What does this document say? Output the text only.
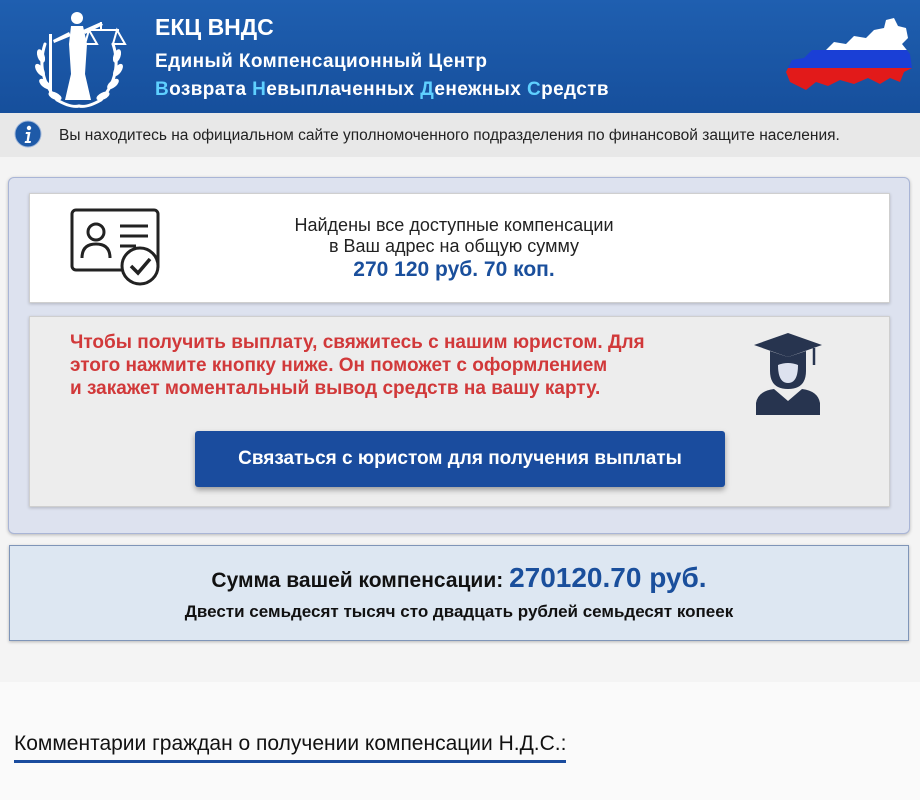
ЕКЦ ВНДС
Единый Компенсационный Центр
Возврата Невыплаченных Денежных Средств
Вы находитесь на официальном сайте уполномоченного подразделения по финансовой защите населения.
Найдены все доступные компенсации
в Ваш адрес на общую сумму
270 120 руб. 70 коп.
Чтобы получить выплату, свяжитесь с нашим юристом. Для
этого нажмите кнопку ниже. Он поможет с оформлением
и закажет моментальный вывод средств на вашу карту.
Связаться с юристом для получения выплаты
Сумма вашей компенсации: 270120.70 руб.
Двести семьдесят тысяч сто двадцать рублей семьдесят копеек
Комментарии граждан о получении компенсации Н.Д.С.:
